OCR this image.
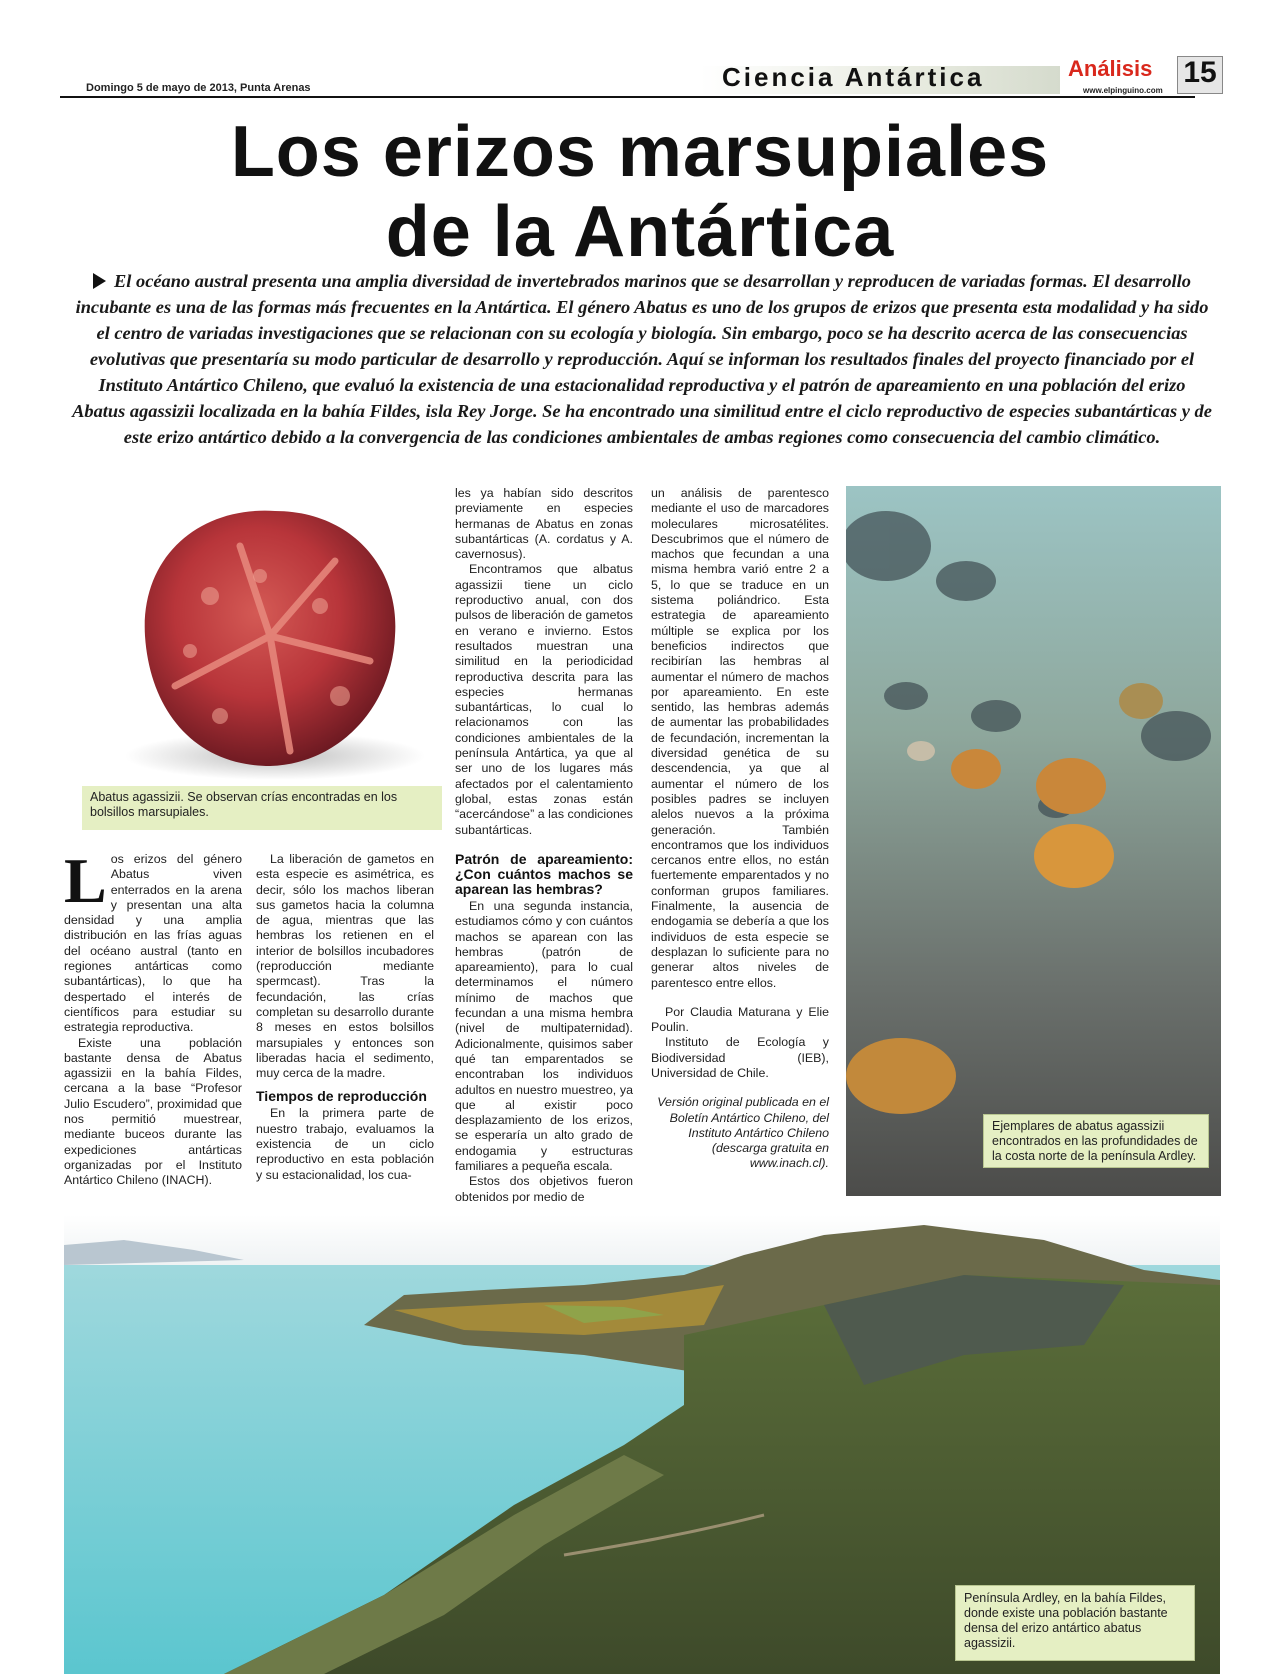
Domingo 5 de mayo de 2013, Punta Arenas	Ciencia Antártica	Análisis
www.elpinguino.com
15
Los erizos marsupiales
de la Antártica
El océano austral presenta una amplia diversidad de invertebrados marinos que se desarrollan y reproducen de variadas formas. El desarrollo incubante es una de las formas más frecuentes en la Antártica. El género Abatus es uno de los grupos de erizos que presenta esta modalidad y ha sido el centro de variadas investigaciones que se relacionan con su ecología y biología. Sin embargo, poco se ha descrito acerca de las consecuencias evolutivas que presentaría su modo particular de desarrollo y reproducción. Aquí se informan los resultados finales del proyecto financiado por el Instituto Antártico Chileno, que evaluó la existencia de una estacionalidad reproductiva y el patrón de apareamiento en una población del erizo Abatus agassizii localizada en la bahía Fildes, isla Rey Jorge. Se ha encontrado una similitud entre el ciclo reproductivo de especies subantárticas y de este erizo antártico debido a la convergencia de las condiciones ambientales de ambas regiones como consecuencia del cambio climático.
Abatus agassizii. Se observan crías encontradas en los bolsillos marsupiales.
Ejemplares de abatus agassizii encontrados en las profundidades de la costa norte de la península Ardley.
Península Ardley, en la bahía Fildes, donde existe una población bastante densa del erizo antártico abatus agassizii.

Los erizos del género Abatus viven enterrados en la arena y presentan una alta densidad y una amplia distribución en las frías aguas del océano austral (tanto en regiones antárticas como subantárticas), lo que ha despertado el interés de científicos para estudiar su estrategia reproductiva.

Existe una población bastante densa de Abatus agassizii en la bahía Fildes, cercana a la base “Profesor Julio Escudero”, proximidad que nos permitió muestrear, mediante buceos durante las expediciones antárticas organizadas por el Instituto Antártico Chileno (INACH).

La liberación de gametos en esta especie es asimétrica, es decir, sólo los machos liberan sus gametos hacia la columna de agua, mientras que las hembras los retienen en el interior de bolsillos incubadores (reproducción mediante spermcast). Tras la fecundación, las crías completan su desarrollo durante 8 meses en estos bolsillos marsupiales y entonces son liberadas hacia el sedimento, muy cerca de la madre.

Tiempos de reproducción

En la primera parte de nuestro trabajo, evaluamos la existencia de un ciclo reproductivo en esta población y su estacionalidad, los cua-

les ya habían sido descritos previamente en especies hermanas de Abatus en zonas subantárticas (A. cordatus y A. cavernosus).

Encontramos que albatus agassizii tiene un ciclo reproductivo anual, con dos pulsos de liberación de gametos en verano e invierno. Estos resultados muestran una similitud en la periodicidad reproductiva descrita para las especies hermanas subantárticas, lo cual lo relacionamos con las condiciones ambientales de la península Antártica, ya que al ser uno de los lugares más afectados por el calentamiento global, estas zonas están “acercándose” a las condiciones subantárticas.

Patrón de apareamiento: ¿Con cuántos machos se aparean las hembras?

En una segunda instancia, estudiamos cómo y con cuántos machos se aparean con las hembras (patrón de apareamiento), para lo cual determinamos el número mínimo de machos que fecundan a una misma hembra (nivel de multipaternidad). Adicionalmente, quisimos saber qué tan emparentados se encontraban los individuos adultos en nuestro muestreo, ya que al existir poco desplazamiento de los erizos, se esperaría un alto grado de endogamia y estructuras familiares a pequeña escala.

Estos dos objetivos fueron obtenidos por medio de

un análisis de parentesco mediante el uso de marcadores moleculares microsatélites. Descubrimos que el número de machos que fecundan a una misma hembra varió entre 2 a 5, lo que se traduce en un sistema poliándrico. Esta estrategia de apareamiento múltiple se explica por los beneficios indirectos que recibirían las hembras al aumentar el número de machos por apareamiento. En este sentido, las hembras además de aumentar las probabilidades de fecundación, incrementan la diversidad genética de su descendencia, ya que al aumentar el número de los posibles padres se incluyen alelos nuevos a la próxima generación. También encontramos que los individuos cercanos entre ellos, no están fuertemente emparentados y no conforman grupos familiares. Finalmente, la ausencia de endogamia se debería a que los individuos de esta especie se desplazan lo suficiente para no generar altos niveles de parentesco entre ellos.

Por Claudia Maturana y Elie Poulin.

Instituto de Ecología y Biodiversidad (IEB), Universidad de Chile.

Versión original publicada en el Boletín Antártico Chileno, del Instituto Antártico Chileno (descarga gratuita en www.inach.cl).
